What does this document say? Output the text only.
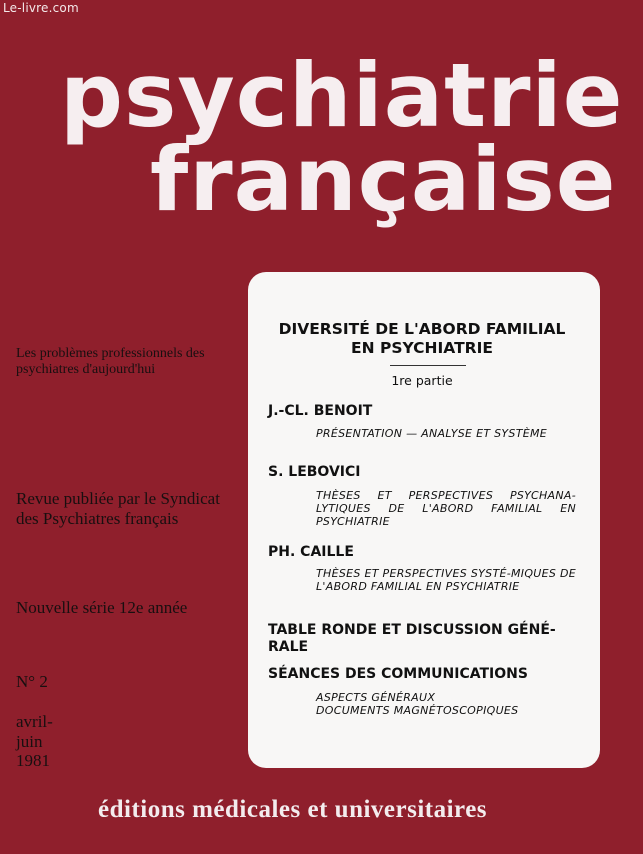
Le-livre.com
psychiatrie
française
Les problèmes professionnels des psychiatres d'aujourd'hui
Revue publiée par le Syndicat des Psychiatres français
Nouvelle série 12e année
N° 2
avril-juin 1981
DIVERSITÉ DE L'ABORD FAMILIAL EN PSYCHIATRIE
1re partie
J.-CL. BENOIT
PRÉSENTATION — ANALYSE ET SYSTÈME
S. LEBOVICI
THÈSES ET PERSPECTIVES PSYCHANA-LYTIQUES DE L'ABORD FAMILIAL EN PSYCHIATRIE
PH. CAILLE
THÈSES ET PERSPECTIVES SYSTÉ-MIQUES DE L'ABORD FAMILIAL EN PSYCHIATRIE
TABLE RONDE ET DISCUSSION GÉNÉ-RALE
SÉANCES DES COMMUNICATIONS
ASPECTS GÉNÉRAUX
DOCUMENTS MAGNÉTOSCOPIQUES
éditions médicales et universitaires
